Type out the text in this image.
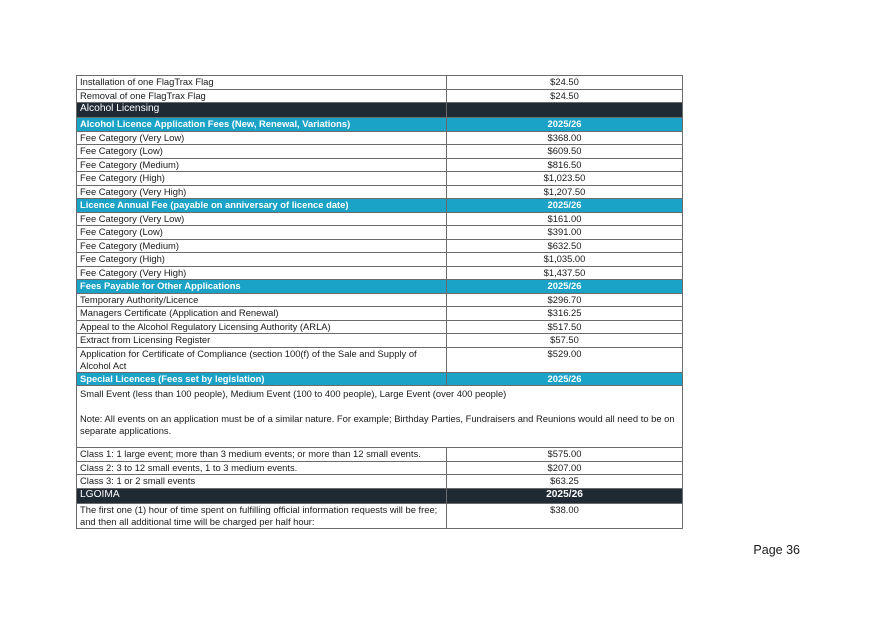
Installation of one FlagTrax Flag	$24.50
Removal of one FlagTrax Flag	$24.50
Alcohol Licensing	
Alcohol Licence Application Fees (New, Renewal, Variations)	2025/26
Fee Category (Very Low)	$368.00
Fee Category (Low)	$609.50
Fee Category (Medium)	$816.50
Fee Category (High)	$1,023.50
Fee Category (Very High)	$1,207.50
Licence Annual Fee (payable on anniversary of licence date)	2025/26
Fee Category (Very Low)	$161.00
Fee Category (Low)	$391.00
Fee Category (Medium)	$632.50
Fee Category (High)	$1,035.00
Fee Category (Very High)	$1,437.50
Fees Payable for Other Applications	2025/26
Temporary Authority/Licence	$296.70
Managers Certificate (Application and Renewal)	$316.25
Appeal to the Alcohol Regulatory Licensing Authority (ARLA)	$517.50
Extract from Licensing Register	$57.50
Application for Certificate of Compliance (section 100(f) of the Sale and Supply of Alcohol Act	$529.00
Special Licences (Fees set by legislation)	2025/26

Small Event (less than 100 people), Medium Event (100 to 400 people), Large Event (over 400 people)

Note: All events on an application must be of a similar nature. For example; Birthday Parties, Fundraisers and Reunions would all need to be on separate applications.	

Class 1: 1 large event; more than 3 medium events; or more than 12 small events.	$575.00
Class 2: 3 to 12 small events, 1 to 3 medium events.	$207.00
Class 3: 1 or 2 small events	$63.25
LGOIMA	2025/26
The first one (1) hour of time spent on fulfilling official information requests will be free; and then all additional time will be charged per half hour:	$38.00
Page 36
